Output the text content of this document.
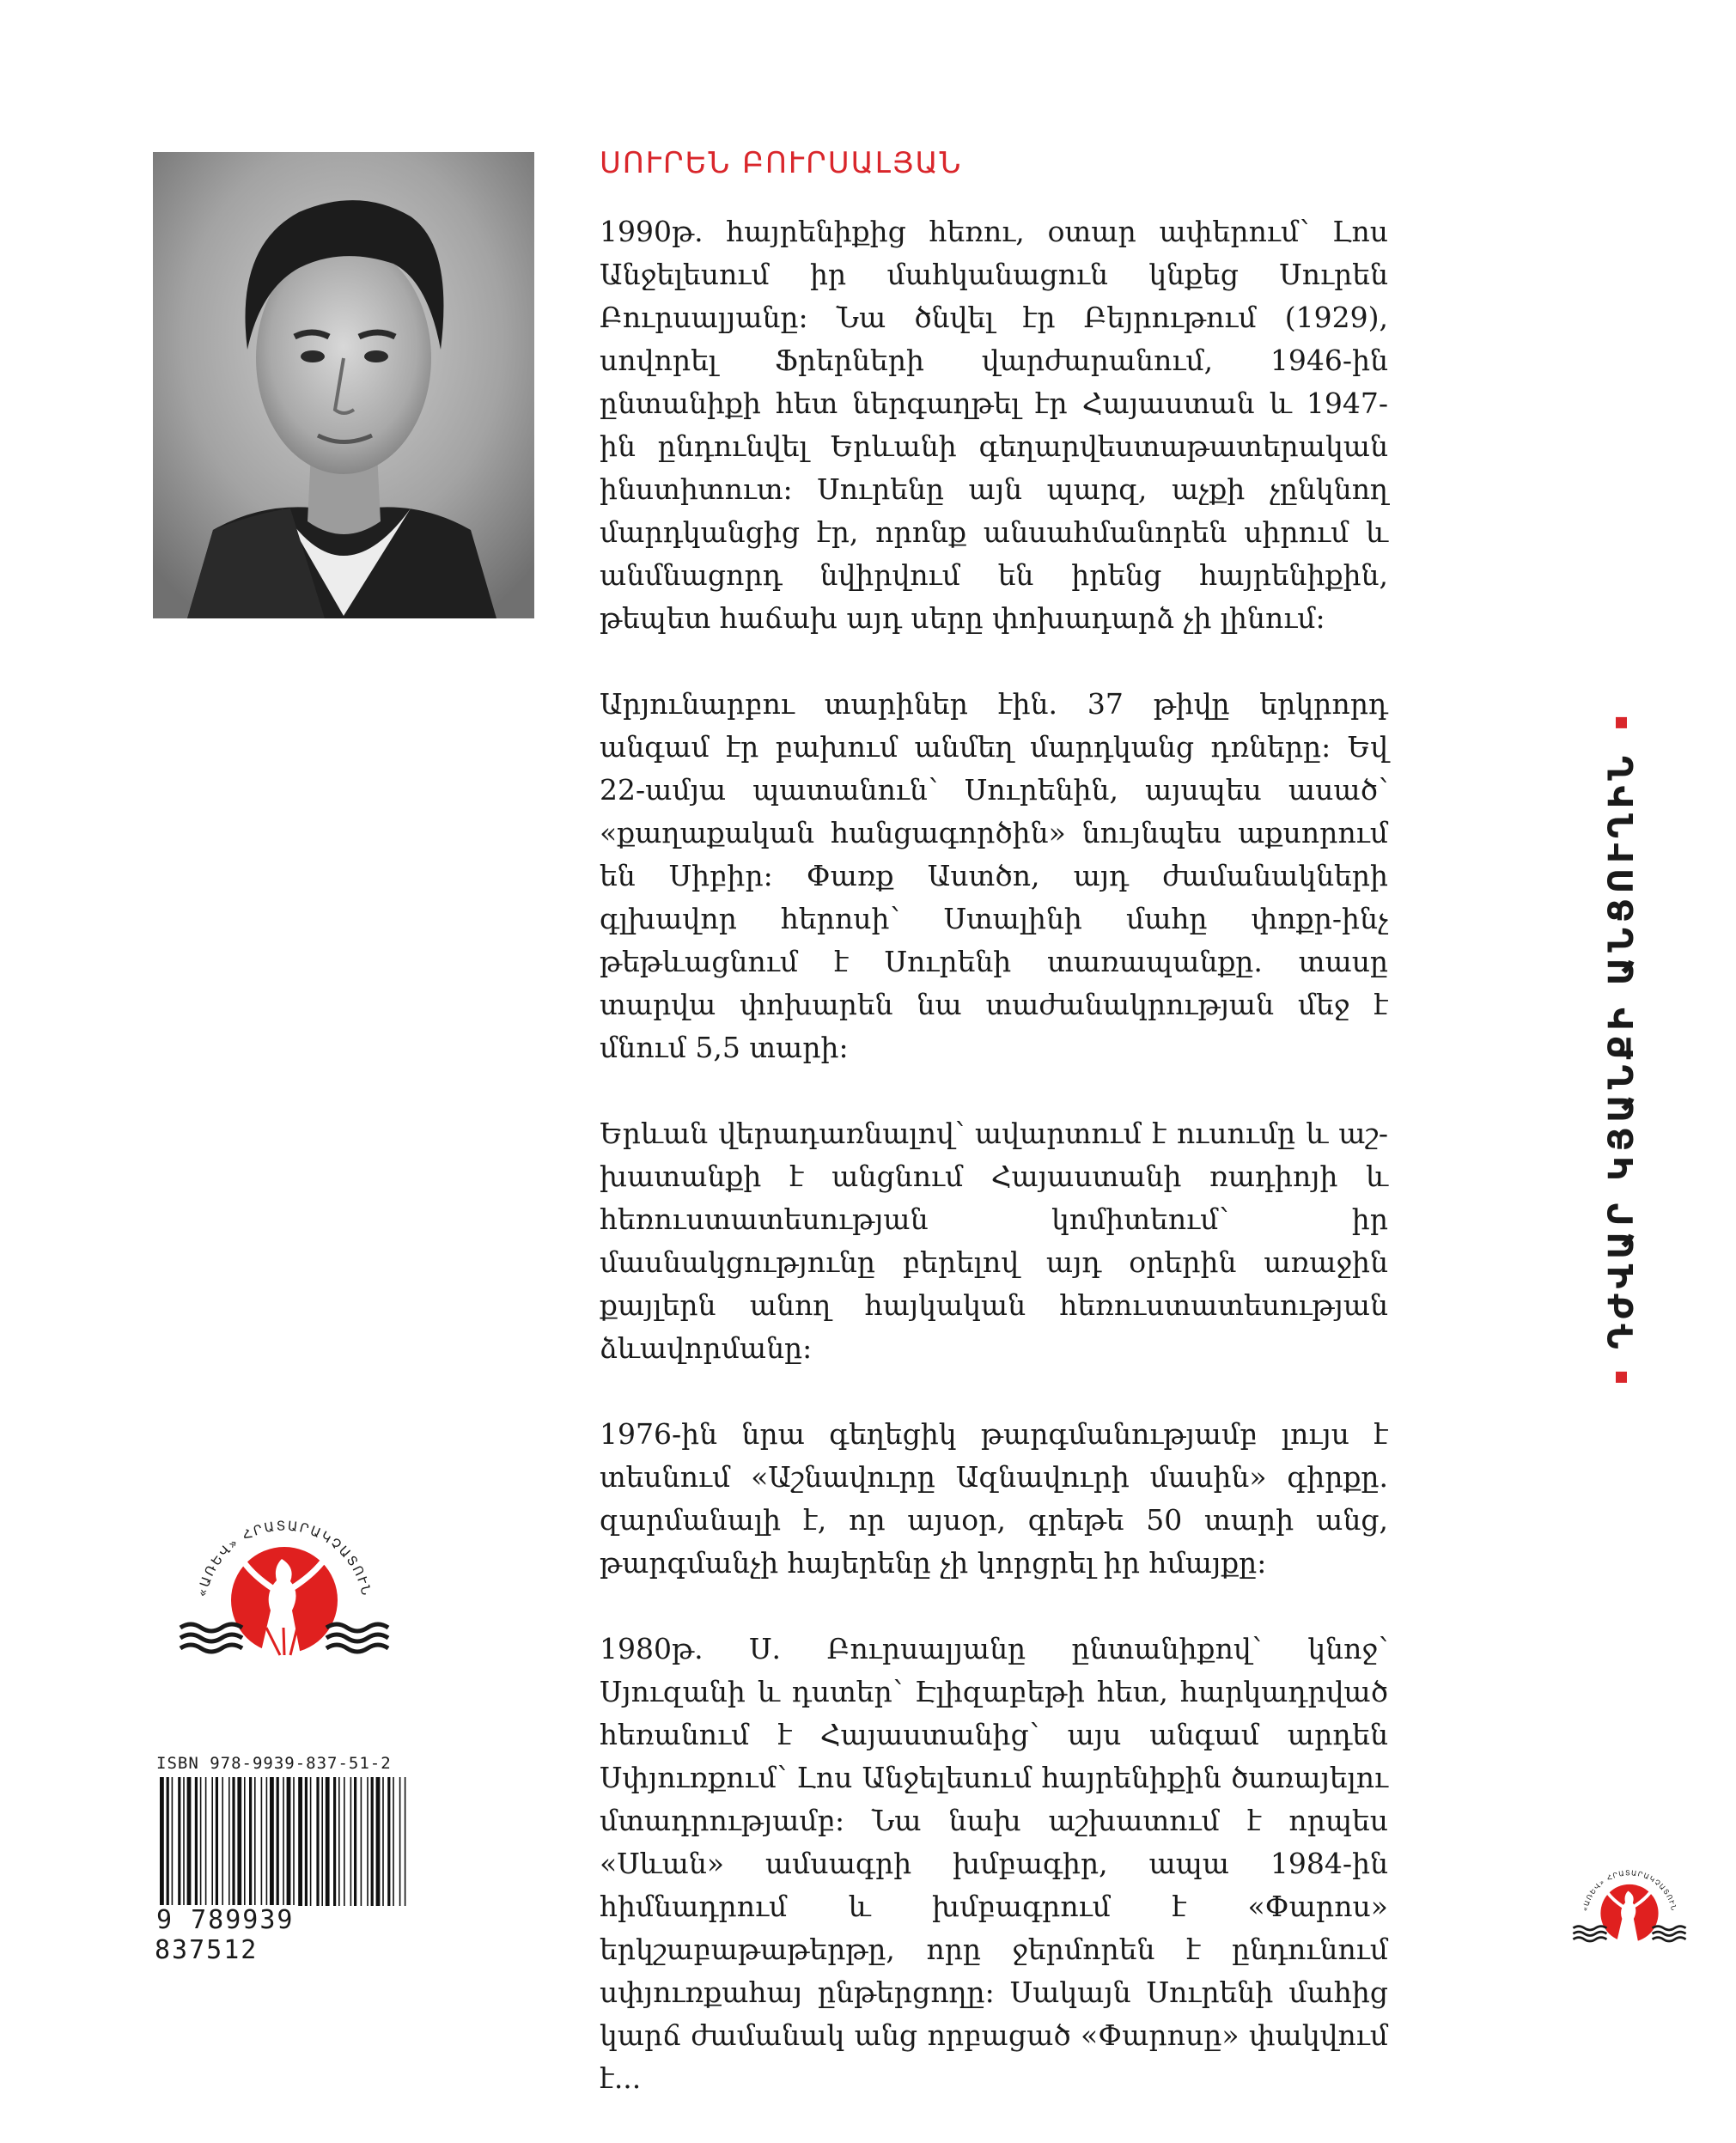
ՍՈՒՐԵՆ ԲՈՒՐՍԱԼՅԱՆ

1990թ. հայրենիքից հեռու, օտար ափերում՝ Լոս Անջելեսում իր մահկանացուն կնքեց Սուրեն Բուրսալյանը: Նա ծնվել էր Բեյրութում (1929), սովորել Ֆրերների վարժարանում, 1946-ին ընտանիքի հետ ներգաղթել էր Հայաստան և 1947-ին ընդունվել Երևանի գեղարվեստաթատերական ինստիտուտ: Սուրենը այն պարզ, աչքի չընկնող մարդկանցից էր, որոնք անսահմանորեն սիրում և անմնացորդ նվիրվում են իրենց հայրենիքին, թեպետ հաճախ այդ սերը փոխադարձ չի լինում:

Արյունարբու տարիներ էին. 37 թիվը երկրորդ անգամ էր բախում անմեղ մարդկանց դռները: Եվ 22-ամյա պատանուն՝ Սուրենին, այսպես ասած՝ «քաղաքական հանցագործին» նույնպես աքսորում են Սիբիր: Փառք Աստծո, այդ ժամանակների գլխավոր հերոսի՝ Ստալինի մահը փոքր-ինչ թեթևացնում է Սուրենի տառապանքը. տասը տարվա փոխարեն նա տաժանակրության մեջ է մնում 5,5 տարի:

Երևան վերադառնալով՝ ավարտում է ուսումը և աշխատանքի է անցնում Հայաստանի ռադիոյի և հեռուստատեսության կոմիտեում՝ իր մասնակցությունը բերելով այդ օրերին առաջին քայլերն անող հայկական հեռուստատեսության ձևավորմանը:

1976-ին նրա գեղեցիկ թարգմանությամբ լույս է տեսնում «Աշնավուրը Ազնավուրի մասին» գիրքը. զարմանալի է, որ այսօր, գրեթե 50 տարի անց, թարգմանչի հայերենը չի կորցրել իր հմայքը:

1980թ. Ս. Բուրսալյանը ընտանիքով՝ կնոջ՝ Սյուզանի և դստեր՝ Էլիզաբեթի հետ, հարկադրված հեռանում է Հայաստանից՝ այս անգամ արդեն Սփյուռքում՝ Լոս Անջելեսում հայրենիքին ծառայելու մտադրությամբ: Նա նախ աշխատում է որպես «Սևան» ամսագրի խմբագիր, ապա 1984-ին հիմնադրում և խմբագրում է «Փարոս» երկշաբաթաթերթը, որը ջերմորեն է ընդունում սփյուռքահայ ընթերցողը: Սակայն Սուրենի մահից կարճ ժամանակ անց որբացած «Փարոսը» փակվում է...

ԴԺՎԱՐ ԿՅԱՆՔԻ ԱՆՑՈՒՂԻՆ
«ԱՌԵՎ» ՀՐԱՏԱՐԱԿՉԱՏՈՒՆ
«ԱՌԵՎ» ՀՐԱՏԱՐԱԿՉԱՏՈՒՆ
ISBN 978-9939-837-51-2
9 789939 837512
